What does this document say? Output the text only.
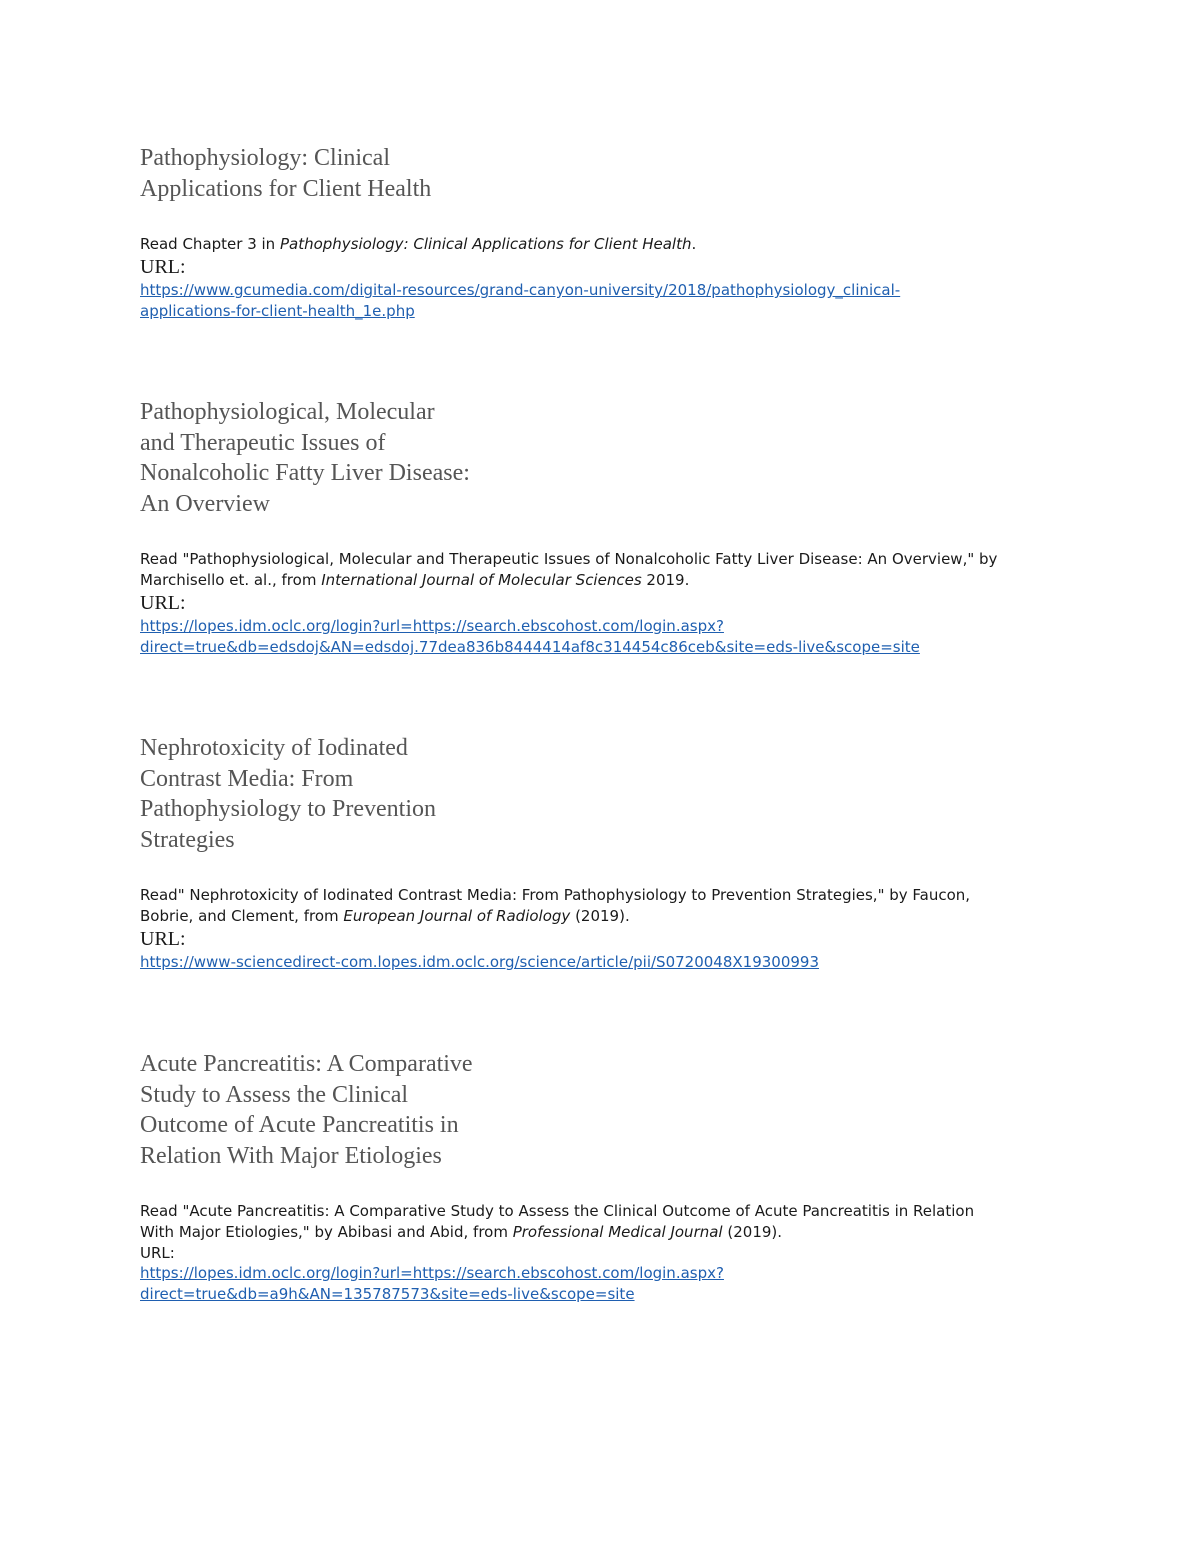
Pathophysiology: Clinical
Applications for Client Health

Read Chapter 3 in Pathophysiology: Clinical Applications for Client Health.

URL:

https://www.gcumedia.com/digital-resources/grand-canyon-university/2018/pathophysiology_clinical-
applications-for-client-health_1e.php
Pathophysiological, Molecular
and Therapeutic Issues of
Nonalcoholic Fatty Liver Disease:
An Overview

Read "Pathophysiological, Molecular and Therapeutic Issues of Nonalcoholic Fatty Liver Disease: An Overview," by
Marchisello et. al., from International Journal of Molecular Sciences 2019.

URL:

https://lopes.idm.oclc.org/login?url=https://search.ebscohost.com/login.aspx?
direct=true&db=edsdoj&AN=edsdoj.77dea836b8444414af8c314454c86ceb&site=eds-live&scope=site
Nephrotoxicity of Iodinated
Contrast Media: From
Pathophysiology to Prevention
Strategies

Read" Nephrotoxicity of Iodinated Contrast Media: From Pathophysiology to Prevention Strategies," by Faucon,
Bobrie, and Clement, from European Journal of Radiology (2019).

URL:

https://www-sciencedirect-com.lopes.idm.oclc.org/science/article/pii/S0720048X19300993
Acute Pancreatitis: A Comparative
Study to Assess the Clinical
Outcome of Acute Pancreatitis in
Relation With Major Etiologies

Read "Acute Pancreatitis: A Comparative Study to Assess the Clinical Outcome of Acute Pancreatitis in Relation
With Major Etiologies," by Abibasi and Abid, from Professional Medical Journal (2019).

URL:

https://lopes.idm.oclc.org/login?url=https://search.ebscohost.com/login.aspx?
direct=true&db=a9h&AN=135787573&site=eds-live&scope=site
